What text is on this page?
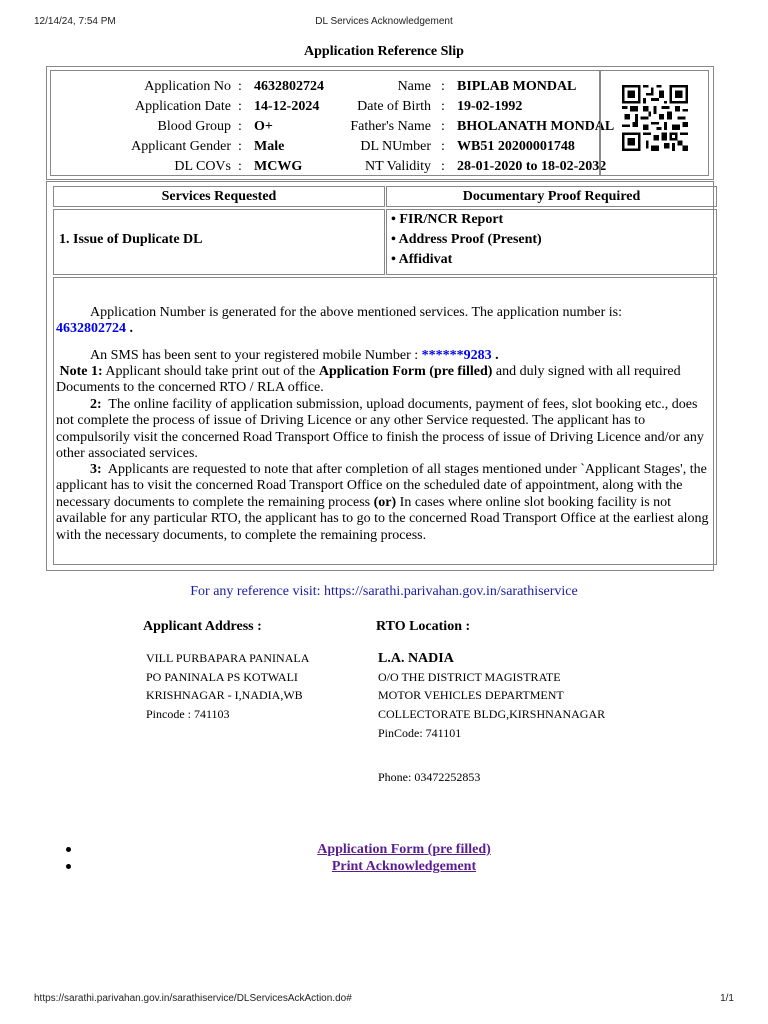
12/14/24, 7:54 PM	DL Services Acknowledgement
Application Reference Slip
Application No : 4632802724	Name : BIPLAB MONDAL
Application Date : 14-12-2024	Date of Birth : 19-02-1992
Blood Group : O+	Father's Name : BHOLANATH MONDAL
Applicant Gender : Male	DL NUmber : WB51 20200001748
DL COVs : MCWG	NT Validity : 28-01-2020 to 18-02-2032
Services Requested	Documentary Proof Required
1. Issue of Duplicate DL
• FIR/NCR Report
• Address Proof (Present)
• Affidivat

Application Number is generated for the above mentioned services. The application number is:
4632802724 .

An SMS has been sent to your registered mobile Number : ******9283 .

Note 1: Applicant should take print out of the Application Form (pre filled) and duly signed with all required Documents to the concerned RTO / RLA office.

2: The online facility of application submission, upload documents, payment of fees, slot booking etc., does not complete the process of issue of Driving Licence or any other Service requested. The applicant has to compulsorily visit the concerned Road Transport Office to finish the process of issue of Driving Licence and/or any other associated services.

3: Applicants are requested to note that after completion of all stages mentioned under `Applicant Stages', the applicant has to visit the concerned Road Transport Office on the scheduled date of appointment, along with the necessary documents to complete the remaining process (or) In cases where online slot booking facility is not available for any particular RTO, the applicant has to go to the concerned Road Transport Office at the earliest along with the necessary documents, to complete the remaining process.

For any reference visit: https://sarathi.parivahan.gov.in/sarathiservice
Applicant Address :	RTO Location :
VILL PURBAPARA PANINALA
PO PANINALA PS KOTWALI
KRISHNAGAR - I,NADIA,WB
Pincode : 741103
L.A. NADIA
O/O THE DISTRICT MAGISTRATE
MOTOR VEHICLES DEPARTMENT
COLLECTORATE BLDG,KIRSHNANAGAR
PinCode: 741101
Phone: 03472252853
Application Form (pre filled)
Print Acknowledgement
https://sarathi.parivahan.gov.in/sarathiservice/DLServicesAckAction.do#	1/1
